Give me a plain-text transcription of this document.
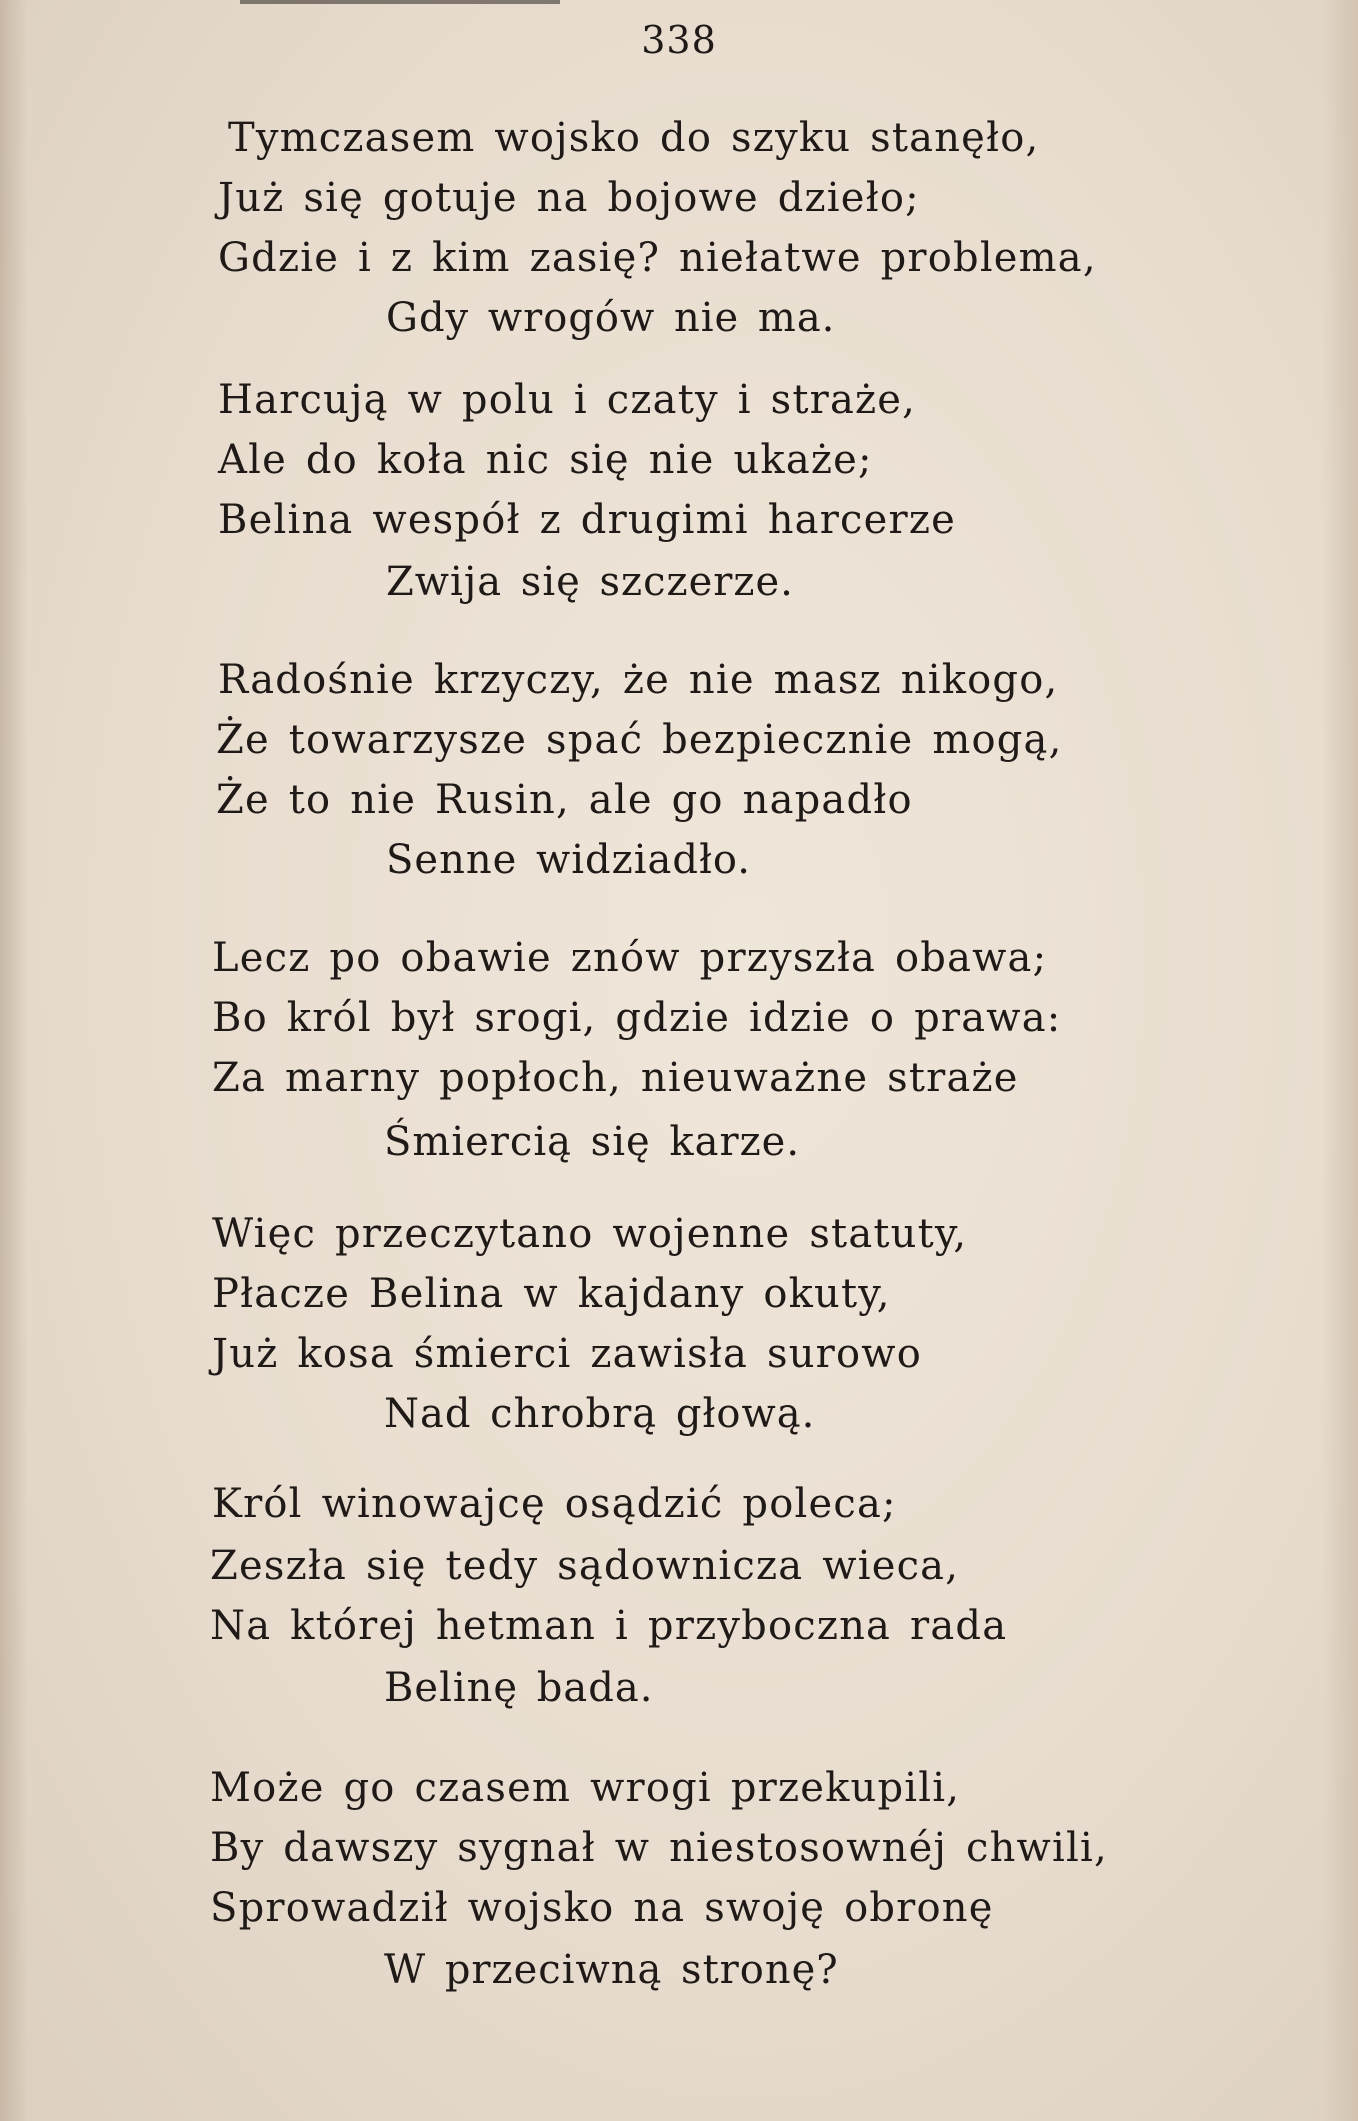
338
Tymczasem wojsko do szyku stanęło,
Już się gotuje na bojowe dzieło;
Gdzie i z kim zasię? niełatwe problema,
Gdy wrogów nie ma.
Harcują w polu i czaty i straże,
Ale do koła nic się nie ukaże;
Belina wespół z drugimi harcerze
Zwija się szczerze.
Radośnie krzyczy, że nie masz nikogo,
Że towarzysze spać bezpiecznie mogą,
Że to nie Rusin, ale go napadło
Senne widziadło.
Lecz po obawie znów przyszła obawa;
Bo król był srogi, gdzie idzie o prawa:
Za marny popłoch, nieuważne straże
Śmiercią się karze.
Więc przeczytano wojenne statuty,
Płacze Belina w kajdany okuty,
Już kosa śmierci zawisła surowo
Nad chrobrą głową.
Król winowajcę osądzić poleca;
Zeszła się tedy sądownicza wieca,
Na której hetman i przyboczna rada
Belinę bada.
Może go czasem wrogi przekupili,
By dawszy sygnał w niestosownéj chwili,
Sprowadził wojsko na swoję obronę
W przeciwną stronę?
